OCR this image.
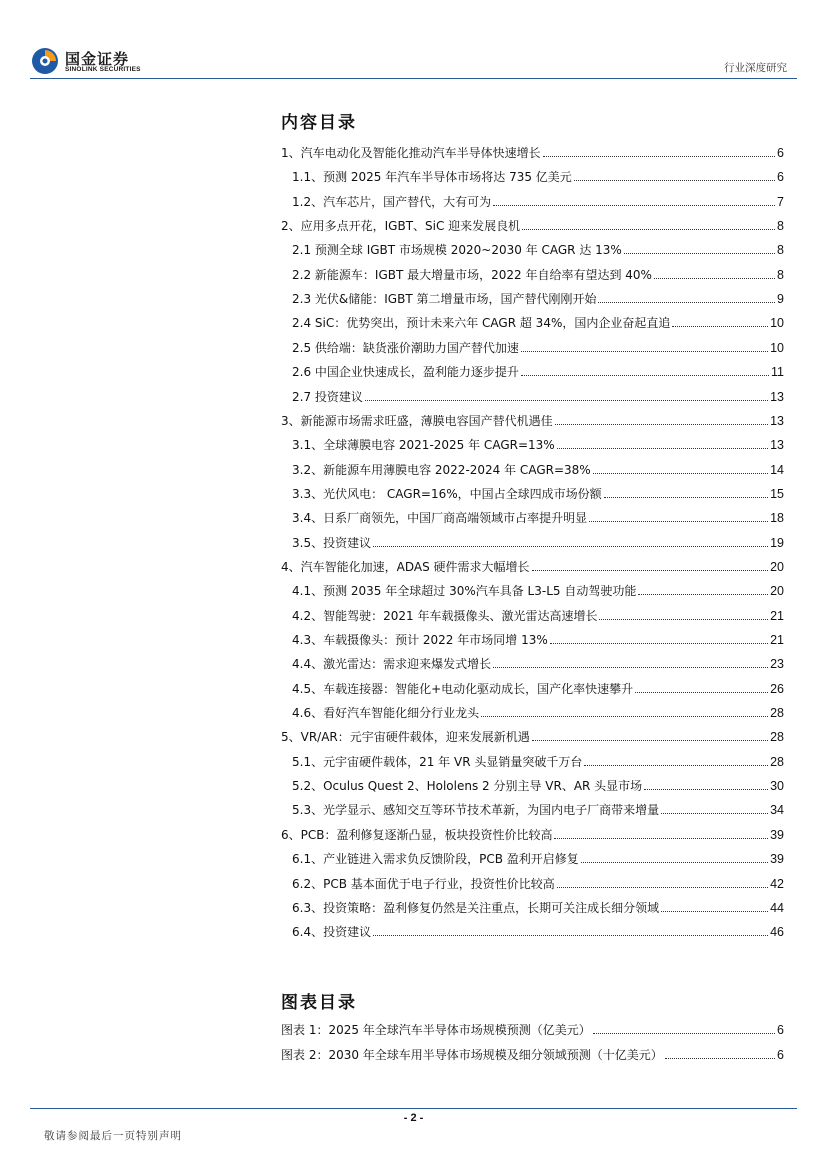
国金证券
SINOLINK SECURITIES	行业深度研究
内容目录
1、汽车电动化及智能化推动汽车半导体快速增长	6
1.1、预测 2025 年汽车半导体市场将达 735 亿美元	6
1.2、汽车芯片，国产替代，大有可为	7
2、应用多点开花，IGBT、SiC 迎来发展良机	8
2.1 预测全球 IGBT 市场规模 2020~2030 年 CAGR 达 13%	8
2.2 新能源车：IGBT 最大增量市场，2022 年自给率有望达到 40%	8
2.3 光伏&储能：IGBT 第二增量市场，国产替代刚刚开始	9
2.4 SiC：优势突出，预计未来六年 CAGR 超 34%，国内企业奋起直追	10
2.5 供给端：缺货涨价潮助力国产替代加速	10
2.6 中国企业快速成长，盈利能力逐步提升	11
2.7 投资建议	13
3、新能源市场需求旺盛，薄膜电容国产替代机遇佳	13
3.1、全球薄膜电容 2021-2025 年 CAGR=13%	13
3.2、新能源车用薄膜电容 2022-2024 年 CAGR=38%	14
3.3、光伏风电： CAGR=16%，中国占全球四成市场份额	15
3.4、日系厂商领先，中国厂商高端领域市占率提升明显	18
3.5、投资建议	19
4、汽车智能化加速，ADAS 硬件需求大幅增长	20
4.1、预测 2035 年全球超过 30%汽车具备 L3-L5 自动驾驶功能	20
4.2、智能驾驶：2021 年车载摄像头、激光雷达高速增长	21
4.3、车载摄像头：预计 2022 年市场同增 13%	21
4.4、激光雷达：需求迎来爆发式增长	23
4.5、车载连接器：智能化+电动化驱动成长，国产化率快速攀升	26
4.6、看好汽车智能化细分行业龙头	28
5、VR/AR：元宇宙硬件载体，迎来发展新机遇	28
5.1、元宇宙硬件载体，21 年 VR 头显销量突破千万台	28
5.2、Oculus Quest 2、Hololens 2 分别主导 VR、AR 头显市场	30
5.3、光学显示、感知交互等环节技术革新，为国内电子厂商带来增量	34
6、PCB：盈利修复逐渐凸显，板块投资性价比较高	39
6.1、产业链进入需求负反馈阶段，PCB 盈利开启修复	39
6.2、PCB 基本面优于电子行业，投资性价比较高	42
6.3、投资策略：盈利修复仍然是关注重点，长期可关注成长细分领域	44
6.4、投资建议	46
图表目录
图表 1：2025 年全球汽车半导体市场规模预测（亿美元）	6
图表 2：2030 年全球车用半导体市场规模及细分领域预测（十亿美元）	6
- 2 -
敬请参阅最后一页特别声明
